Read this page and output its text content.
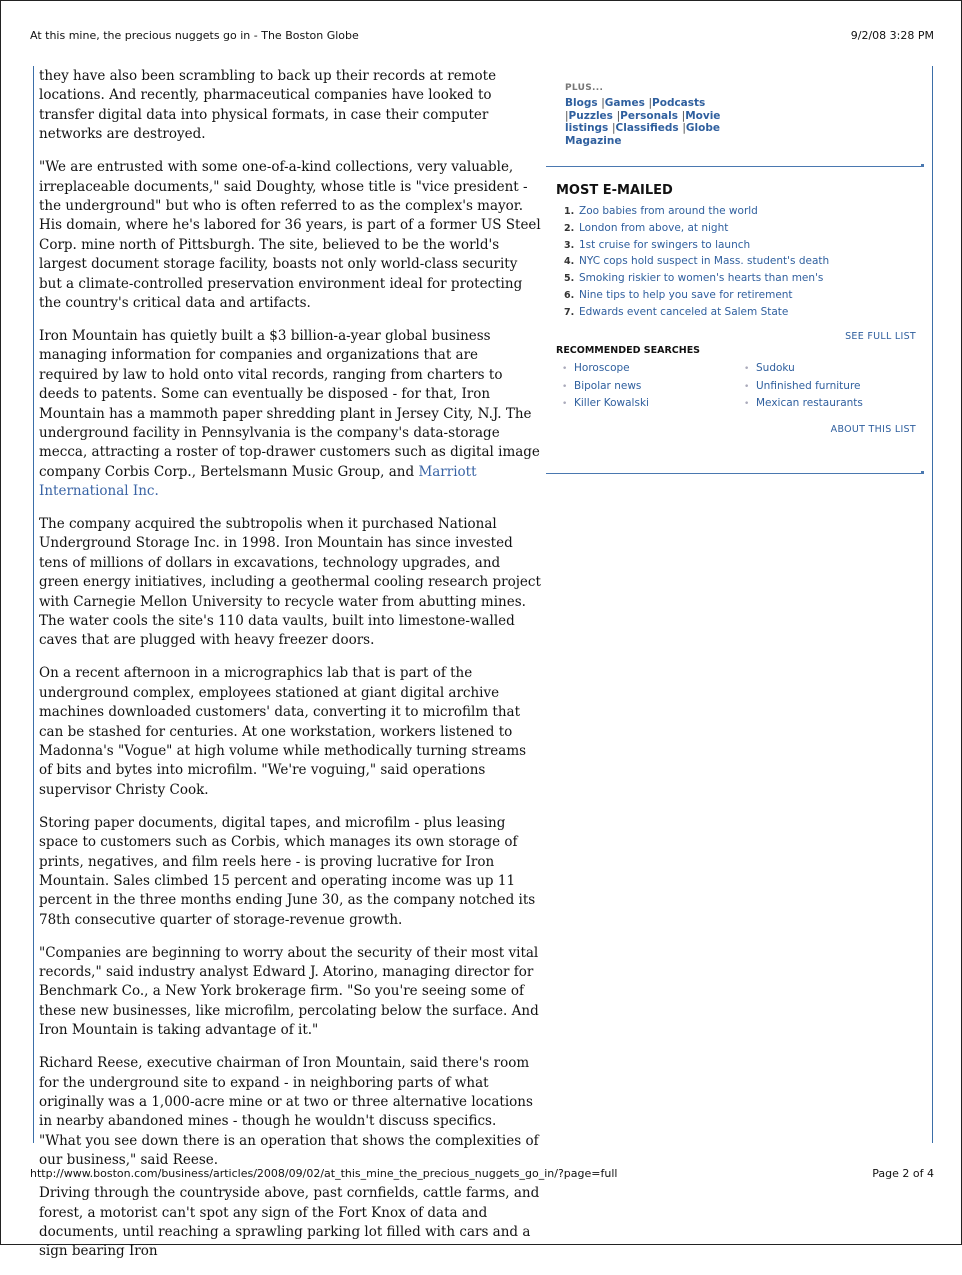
At this mine, the precious nuggets go in - The Boston Globe	9/2/08 3:28 PM

they have also been scrambling to back up their records at remote locations. And recently, pharmaceutical companies have looked to transfer digital data into physical formats, in case their computer networks are destroyed.

"We are entrusted with some one-of-a-kind collections, very valuable, irreplaceable documents," said Doughty, whose title is "vice president - the underground" but who is often referred to as the complex's mayor. His domain, where he's labored for 36 years, is part of a former US Steel Corp. mine north of Pittsburgh. The site, believed to be the world's largest document storage facility, boasts not only world-class security but a climate-controlled preservation environment ideal for protecting the country's critical data and artifacts.

Iron Mountain has quietly built a $3 billion-a-year global business managing information for companies and organizations that are required by law to hold onto vital records, ranging from charters to deeds to patents. Some can eventually be disposed - for that, Iron Mountain has a mammoth paper shredding plant in Jersey City, N.J. The underground facility in Pennsylvania is the company's data-storage mecca, attracting a roster of top-drawer customers such as digital image company Corbis Corp., Bertelsmann Music Group, and Marriott International Inc.

The company acquired the subtropolis when it purchased National Underground Storage Inc. in 1998. Iron Mountain has since invested tens of millions of dollars in excavations, technology upgrades, and green energy initiatives, including a geothermal cooling research project with Carnegie Mellon University to recycle water from abutting mines. The water cools the site's 110 data vaults, built into limestone-walled caves that are plugged with heavy freezer doors.

On a recent afternoon in a micrographics lab that is part of the underground complex, employees stationed at giant digital archive machines downloaded customers' data, converting it to microfilm that can be stashed for centuries. At one workstation, workers listened to Madonna's "Vogue" at high volume while methodically turning streams of bits and bytes into microfilm. "We're voguing," said operations supervisor Christy Cook.

Storing paper documents, digital tapes, and microfilm - plus leasing space to customers such as Corbis, which manages its own storage of prints, negatives, and film reels here - is proving lucrative for Iron Mountain. Sales climbed 15 percent and operating income was up 11 percent in the three months ending June 30, as the company notched its 78th consecutive quarter of storage-revenue growth.

"Companies are beginning to worry about the security of their most vital records," said industry analyst Edward J. Atorino, managing director for Benchmark Co., a New York brokerage firm. "So you're seeing some of these new businesses, like microfilm, percolating below the surface. And Iron Mountain is taking advantage of it."

Richard Reese, executive chairman of Iron Mountain, said there's room for the underground site to expand - in neighboring parts of what originally was a 1,000-acre mine or at two or three alternative locations in nearby abandoned mines - though he wouldn't discuss specifics. "What you see down there is an operation that shows the complexities of our business," said Reese.

Driving through the countryside above, past cornfields, cattle farms, and forest, a motorist can't spot any sign of the Fort Knox of data and documents, until reaching a sprawling parking lot filled with cars and a sign bearing Iron

PLUS...
Blogs |Games |Podcasts
|Puzzles |Personals |Movie listings |Classifieds |Globe Magazine
MOST E-MAILED
1. Zoo babies from around the world
2. London from above, at night
3. 1st cruise for swingers to launch
4. NYC cops hold suspect in Mass. student's death
5. Smoking riskier to women's hearts than men's
6. Nine tips to help you save for retirement
7. Edwards event canceled at Salem State
SEE FULL LIST
RECOMMENDED SEARCHES
• Horoscope	• Sudoku
• Bipolar news	• Unfinished furniture
• Killer Kowalski	• Mexican restaurants
ABOUT THIS LIST
http://www.boston.com/business/articles/2008/09/02/at_this_mine_the_precious_nuggets_go_in/?page=full	Page 2 of 4
